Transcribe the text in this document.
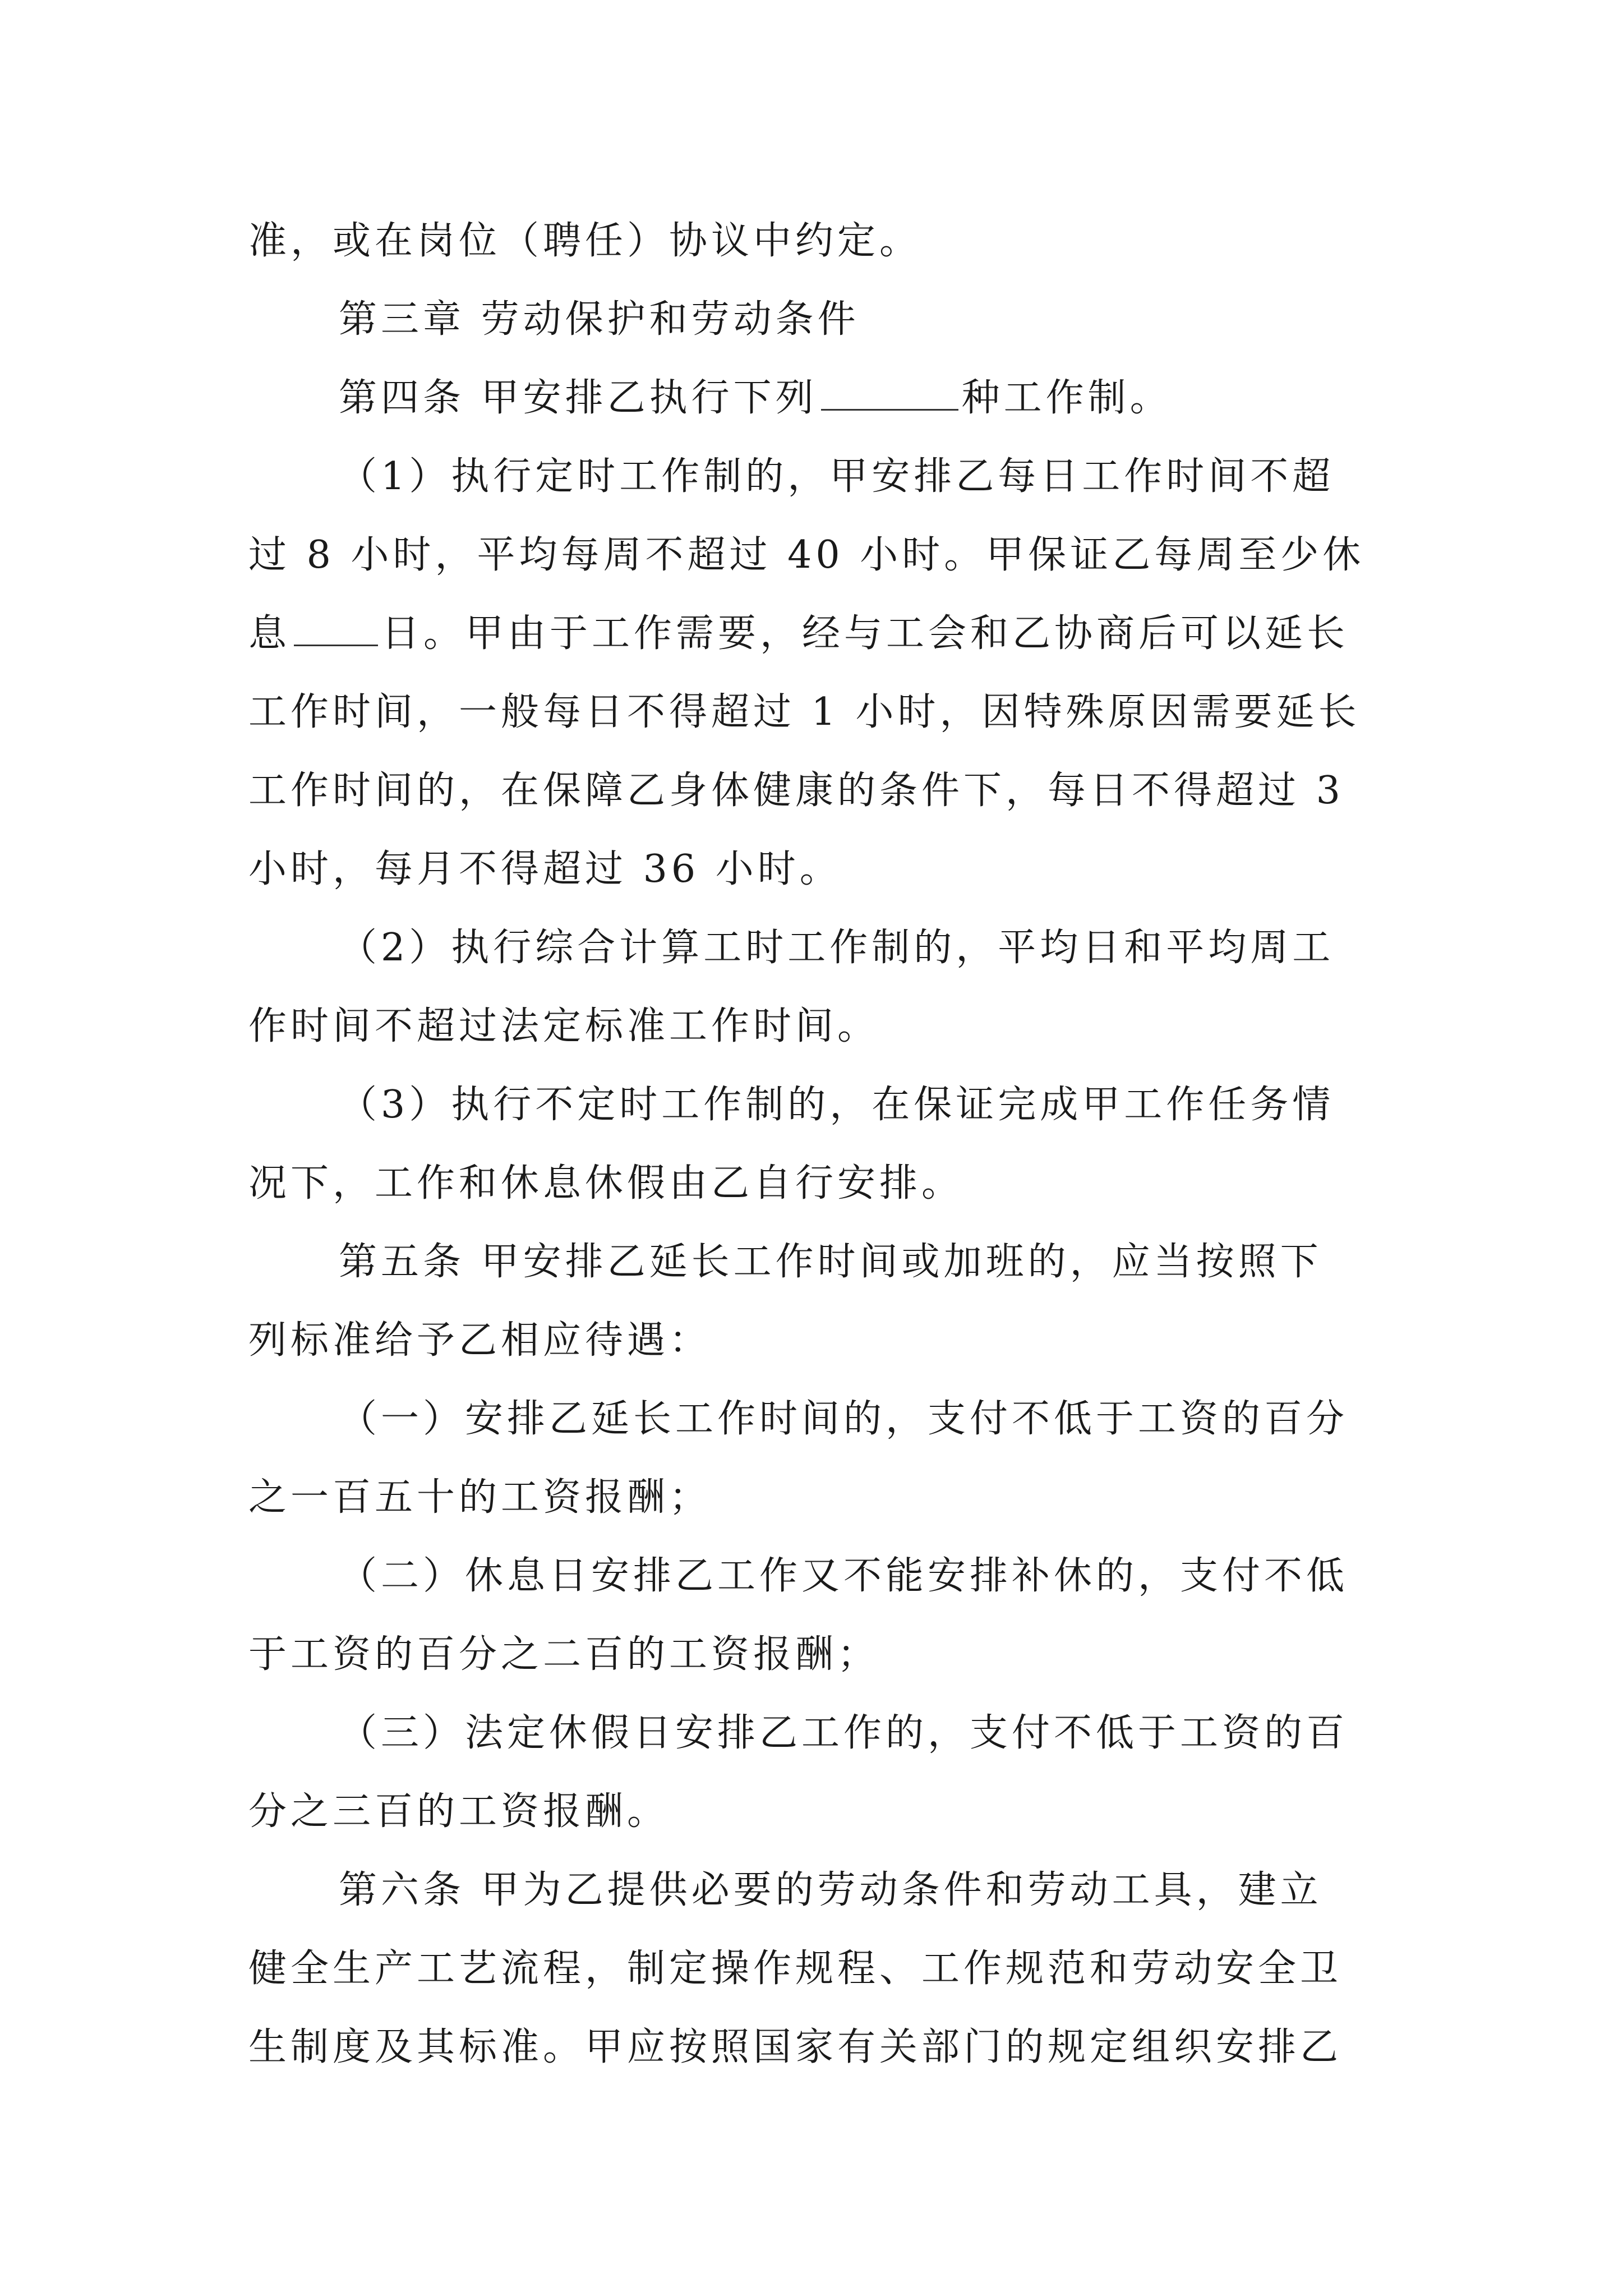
准，或在岗位（聘任）协议中约定。
第三章 劳动保护和劳动条件
第四条 甲安排乙执行下列	种工作制。
（1）执行定时工作制的，甲安排乙每日工作时间不超
过 8 小时，平均每周不超过 40 小时。甲保证乙每周至少休
息 日。甲由于工作需要，经与工会和乙协商后可以延长
工作时间，一般每日不得超过 1 小时，因特殊原因需要延长
工作时间的，在保障乙身体健康的条件下，每日不得超过 3
小时，每月不得超过 36 小时。
（2）执行综合计算工时工作制的，平均日和平均周工
作时间不超过法定标准工作时间。
（3）执行不定时工作制的，在保证完成甲工作任务情
况下，工作和休息休假由乙自行安排。
第五条 甲安排乙延长工作时间或加班的，应当按照下
列标准给予乙相应待遇：
（一）安排乙延长工作时间的，支付不低于工资的百分
之一百五十的工资报酬；
（二）休息日安排乙工作又不能安排补休的，支付不低
于工资的百分之二百的工资报酬；
（三）法定休假日安排乙工作的，支付不低于工资的百
分之三百的工资报酬。
第六条 甲为乙提供必要的劳动条件和劳动工具，建立
健全生产工艺流程，制定操作规程、工作规范和劳动安全卫
生制度及其标准。甲应按照国家有关部门的规定组织安排乙
